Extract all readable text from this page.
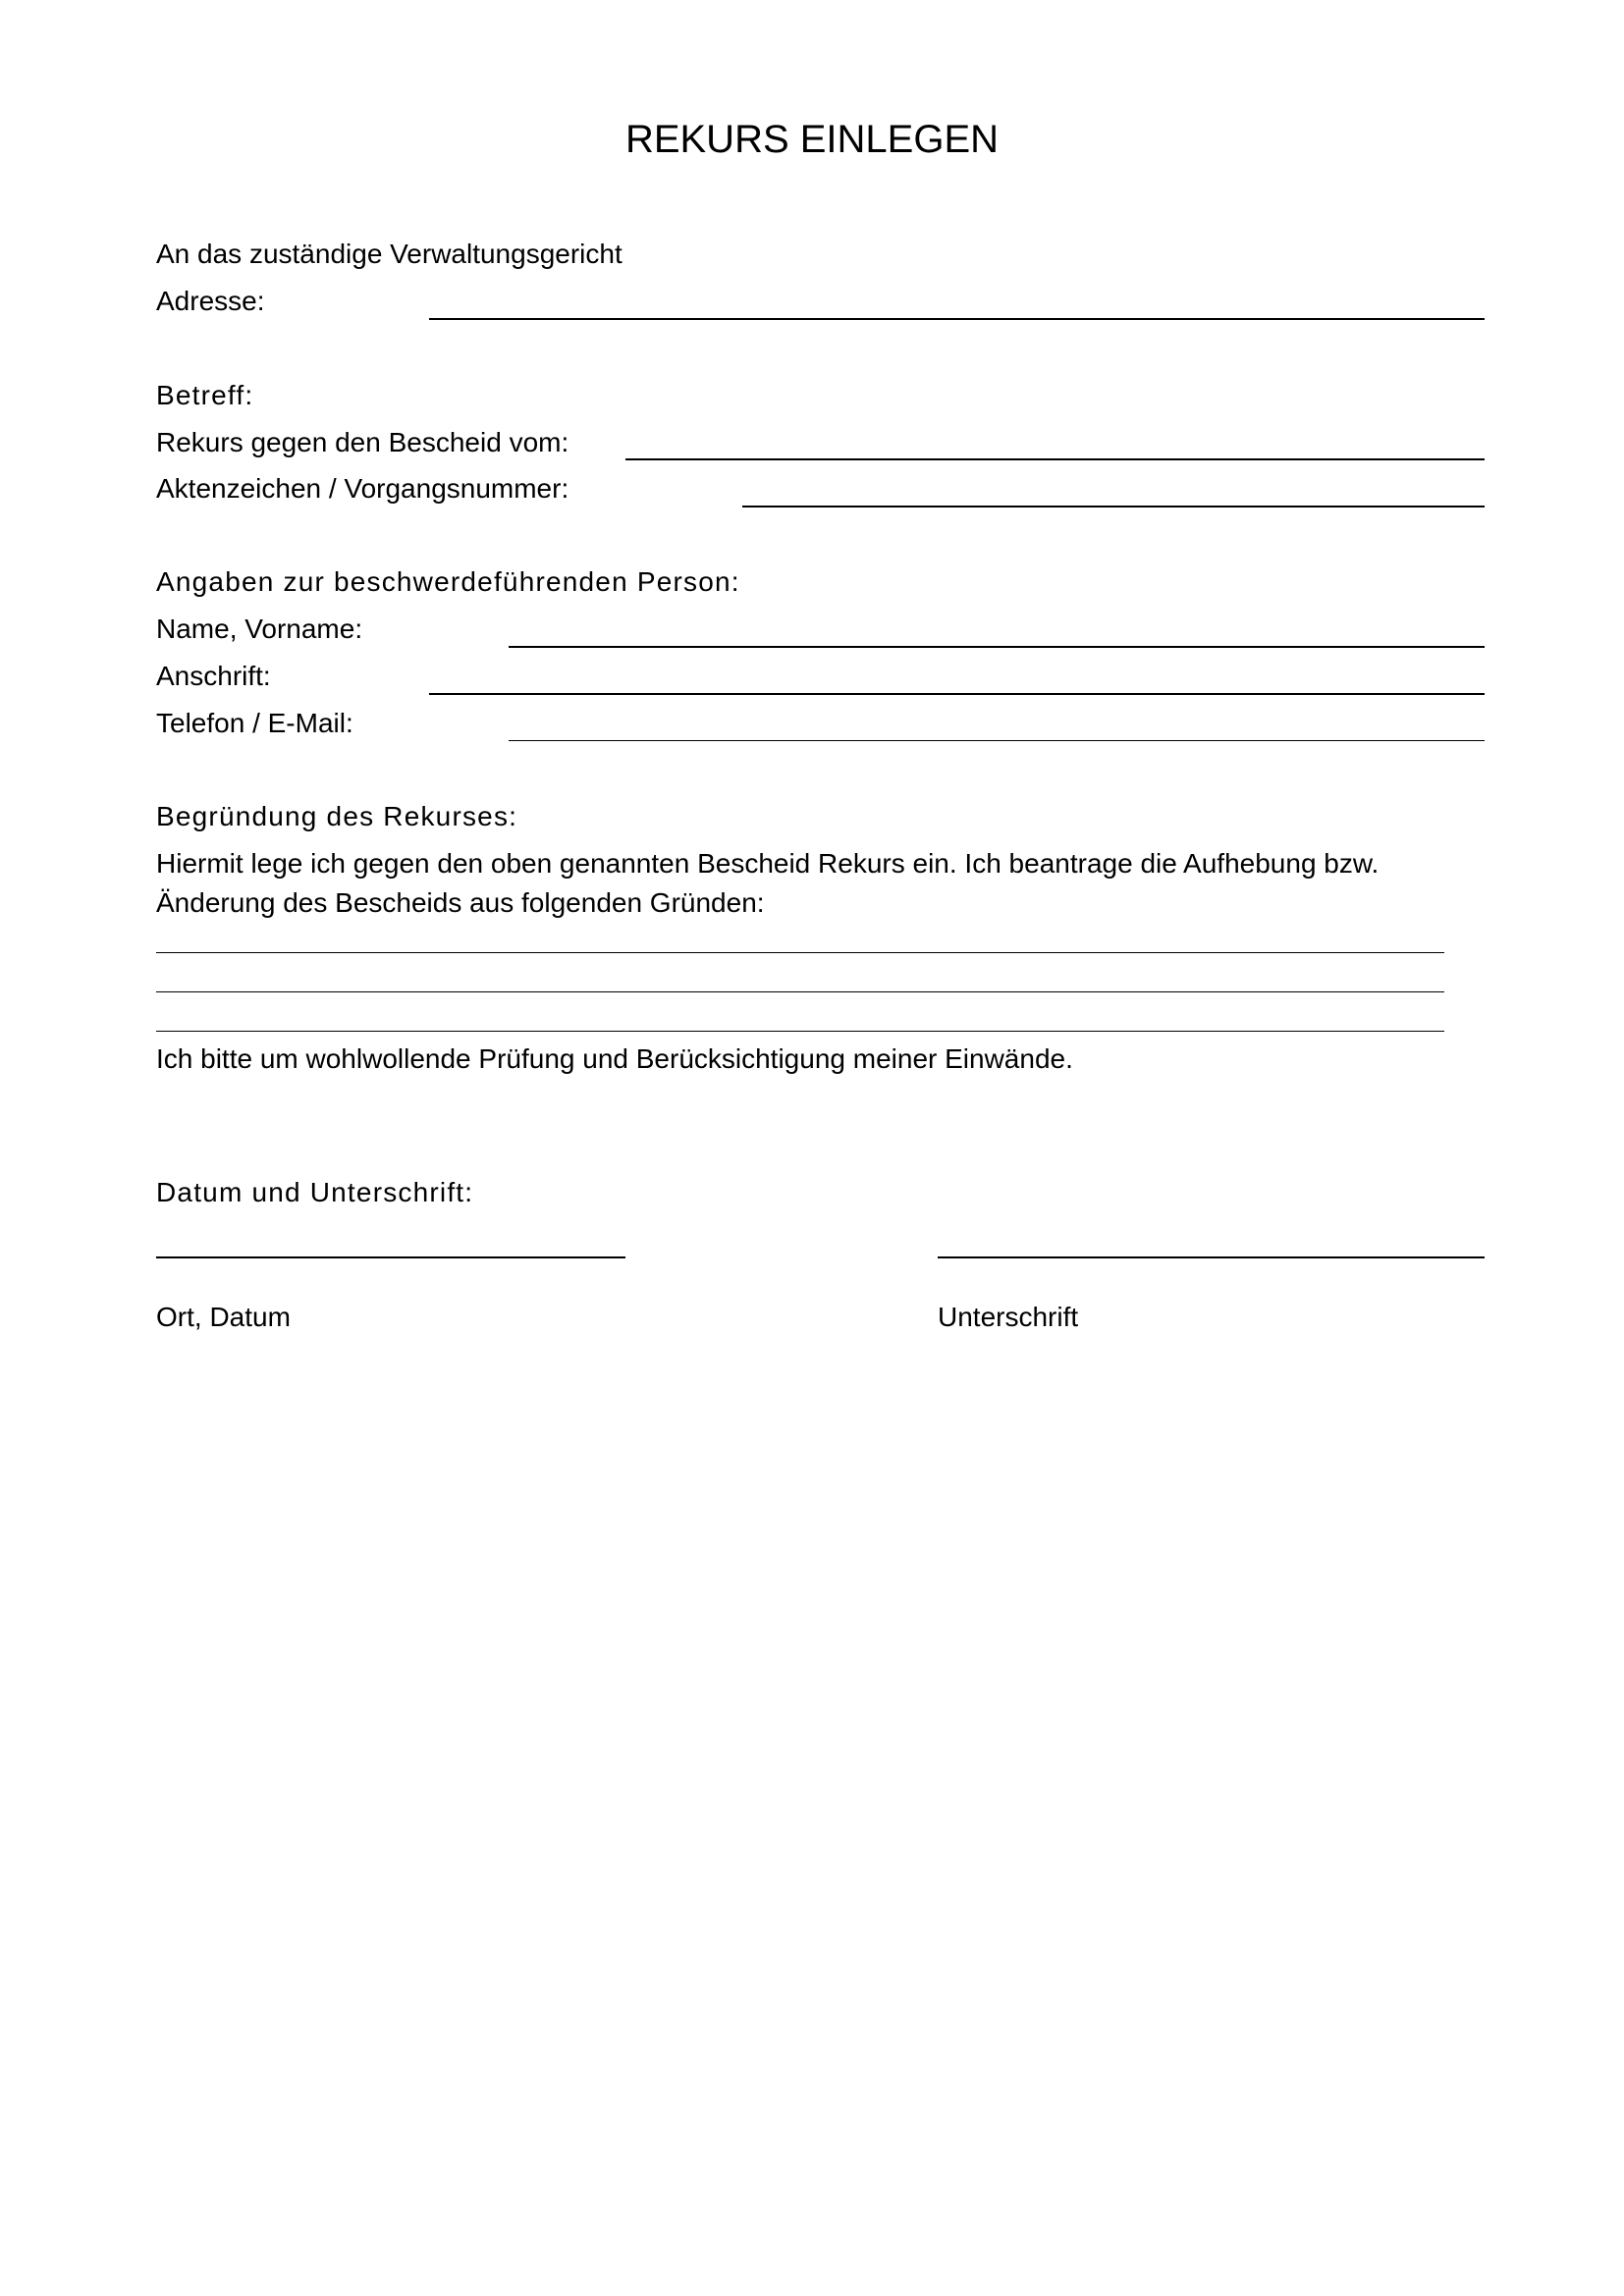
REKURS EINLEGEN
An das zuständige Verwaltungsgericht
Adresse:
Betreff:
Rekurs gegen den Bescheid vom:
Aktenzeichen / Vorgangsnummer:
Angaben zur beschwerdeführenden Person:
Name, Vorname:
Anschrift:
Telefon / E-Mail:
Begründung des Rekurses:
Hiermit lege ich gegen den oben genannten Bescheid Rekurs ein. Ich beantrage die Aufhebung bzw. Änderung des Bescheids aus folgenden Gründen:
Ich bitte um wohlwollende Prüfung und Berücksichtigung meiner Einwände.
Datum und Unterschrift:
Ort, Datum	Unterschrift
